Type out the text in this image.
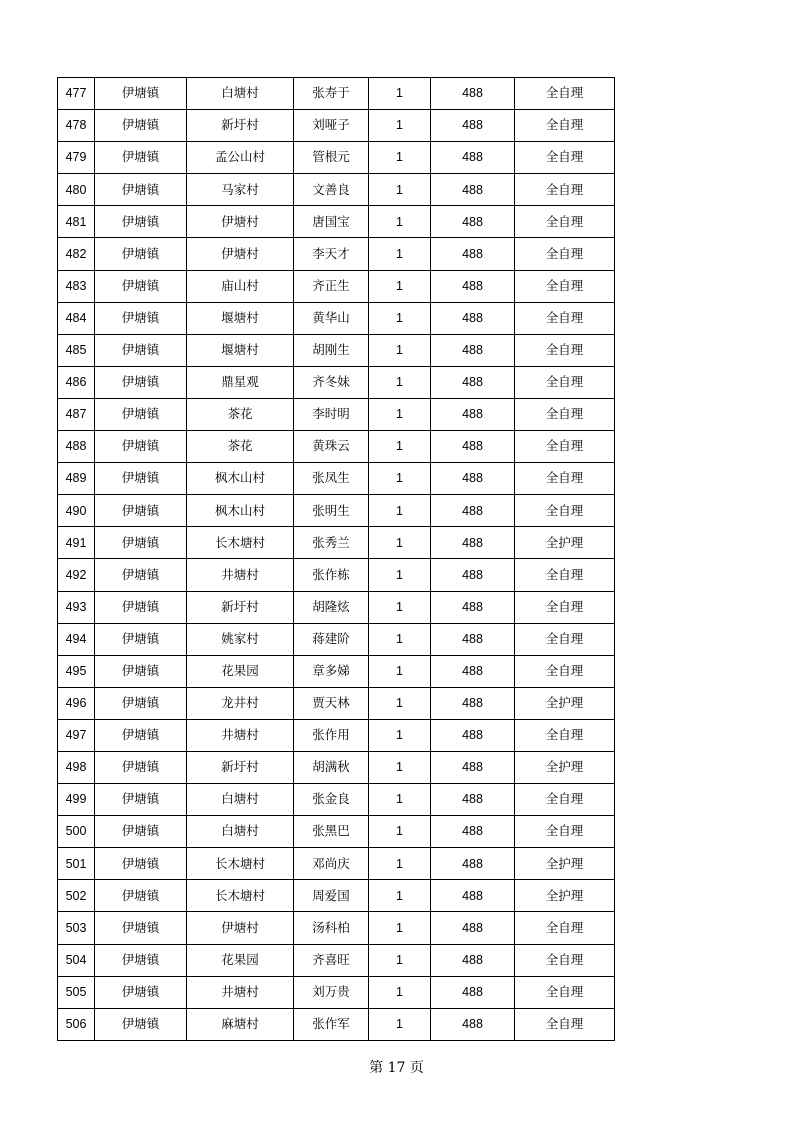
477	伊塘镇	白塘村	张寿于	1	488	全自理
478	伊塘镇	新圩村	刘哑子	1	488	全自理
479	伊塘镇	孟公山村	管根元	1	488	全自理
480	伊塘镇	马家村	文善良	1	488	全自理
481	伊塘镇	伊塘村	唐国宝	1	488	全自理
482	伊塘镇	伊塘村	李天才	1	488	全自理
483	伊塘镇	庙山村	齐正生	1	488	全自理
484	伊塘镇	堰塘村	黄华山	1	488	全自理
485	伊塘镇	堰塘村	胡刚生	1	488	全自理
486	伊塘镇	鼎星观	齐冬妹	1	488	全自理
487	伊塘镇	茶花	李时明	1	488	全自理
488	伊塘镇	茶花	黄珠云	1	488	全自理
489	伊塘镇	枫木山村	张凤生	1	488	全自理
490	伊塘镇	枫木山村	张明生	1	488	全自理
491	伊塘镇	长木塘村	张秀兰	1	488	全护理
492	伊塘镇	井塘村	张作栋	1	488	全自理
493	伊塘镇	新圩村	胡隆炫	1	488	全自理
494	伊塘镇	姚家村	蒋建阶	1	488	全自理
495	伊塘镇	花果园	章多娣	1	488	全自理
496	伊塘镇	龙井村	贾天林	1	488	全护理
497	伊塘镇	井塘村	张作用	1	488	全自理
498	伊塘镇	新圩村	胡满秋	1	488	全护理
499	伊塘镇	白塘村	张金良	1	488	全自理
500	伊塘镇	白塘村	张黑巴	1	488	全自理
501	伊塘镇	长木塘村	邓尚庆	1	488	全护理
502	伊塘镇	长木塘村	周爱国	1	488	全护理
503	伊塘镇	伊塘村	汤科柏	1	488	全自理
504	伊塘镇	花果园	齐喜旺	1	488	全自理
505	伊塘镇	井塘村	刘万贵	1	488	全自理
506	伊塘镇	麻塘村	张作军	1	488	全自理
第 17 页
